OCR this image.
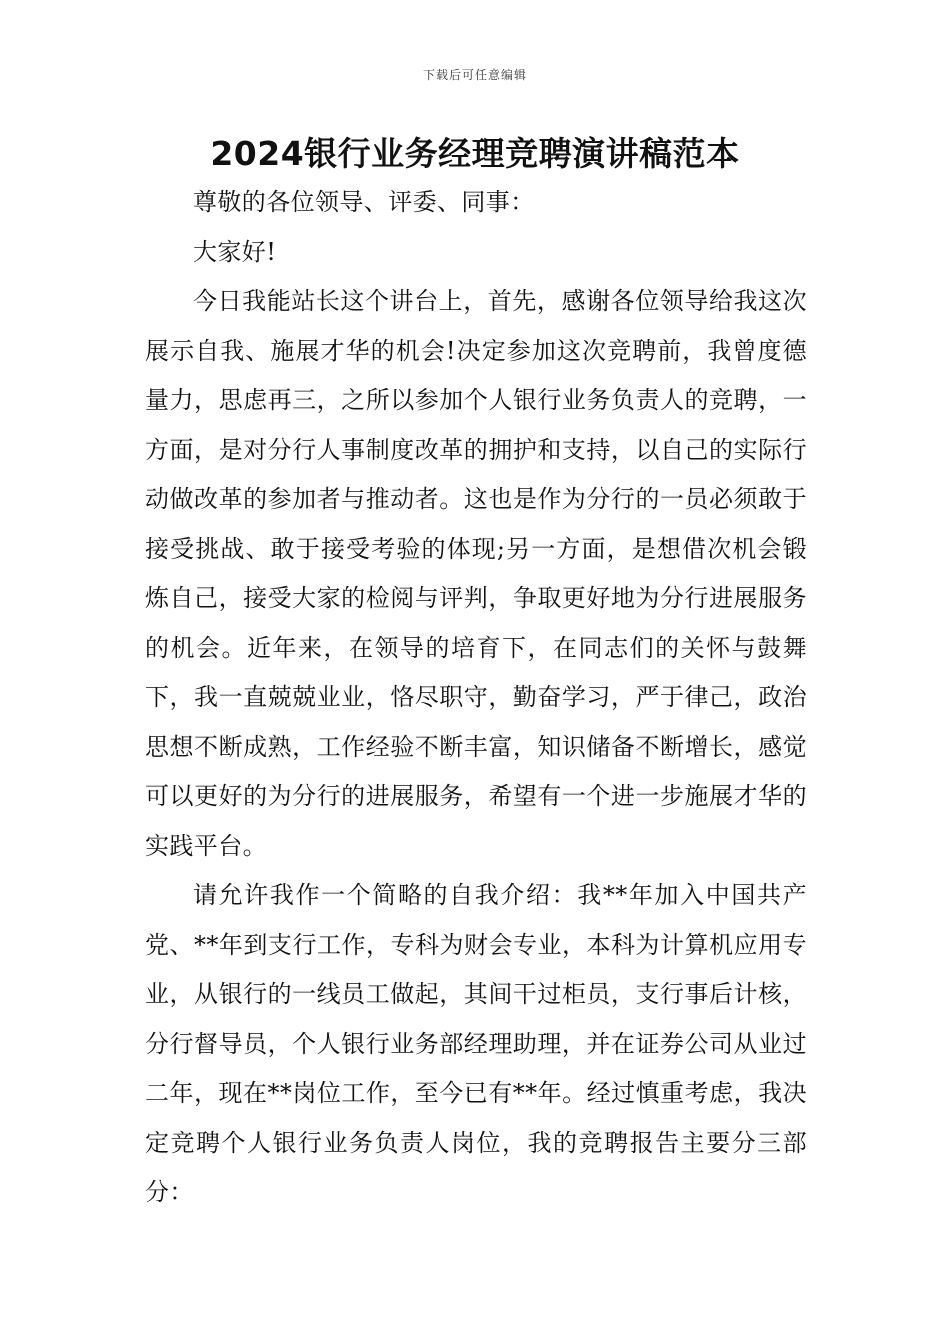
下载后可任意编辑
2024银行业务经理竞聘演讲稿范本

尊敬的各位领导、评委、同事：

大家好!

今日我能站长这个讲台上，首先，感谢各位领导给我这次展示自我、施展才华的机会!决定参加这次竞聘前，我曾度德量力，思虑再三，之所以参加个人银行业务负责人的竞聘，一方面，是对分行人事制度改革的拥护和支持，以自己的实际行动做改革的参加者与推动者。这也是作为分行的一员必须敢于接受挑战、敢于接受考验的体现;另一方面，是想借次机会锻炼自己，接受大家的检阅与评判，争取更好地为分行进展服务的机会。近年来，在领导的培育下，在同志们的关怀与鼓舞下，我一直兢兢业业，恪尽职守，勤奋学习，严于律己，政治思想不断成熟，工作经验不断丰富，知识储备不断增长，感觉可以更好的为分行的进展服务，希望有一个进一步施展才华的实践平台。

请允许我作一个简略的自我介绍：我**年加入中国共产 党、**年到支行工作，专科为财会专业，本科为计算机应用专业，从银行的一线员工做起，其间干过柜员，支行事后计核，分行督导员，个人银行业务部经理助理，并在证券公司从业过二年，现在**岗位工作，至今已有**年。经过慎重考虑，我决定竞聘个人银行业务负责人岗位，我的竞聘报告主要分三部分：
